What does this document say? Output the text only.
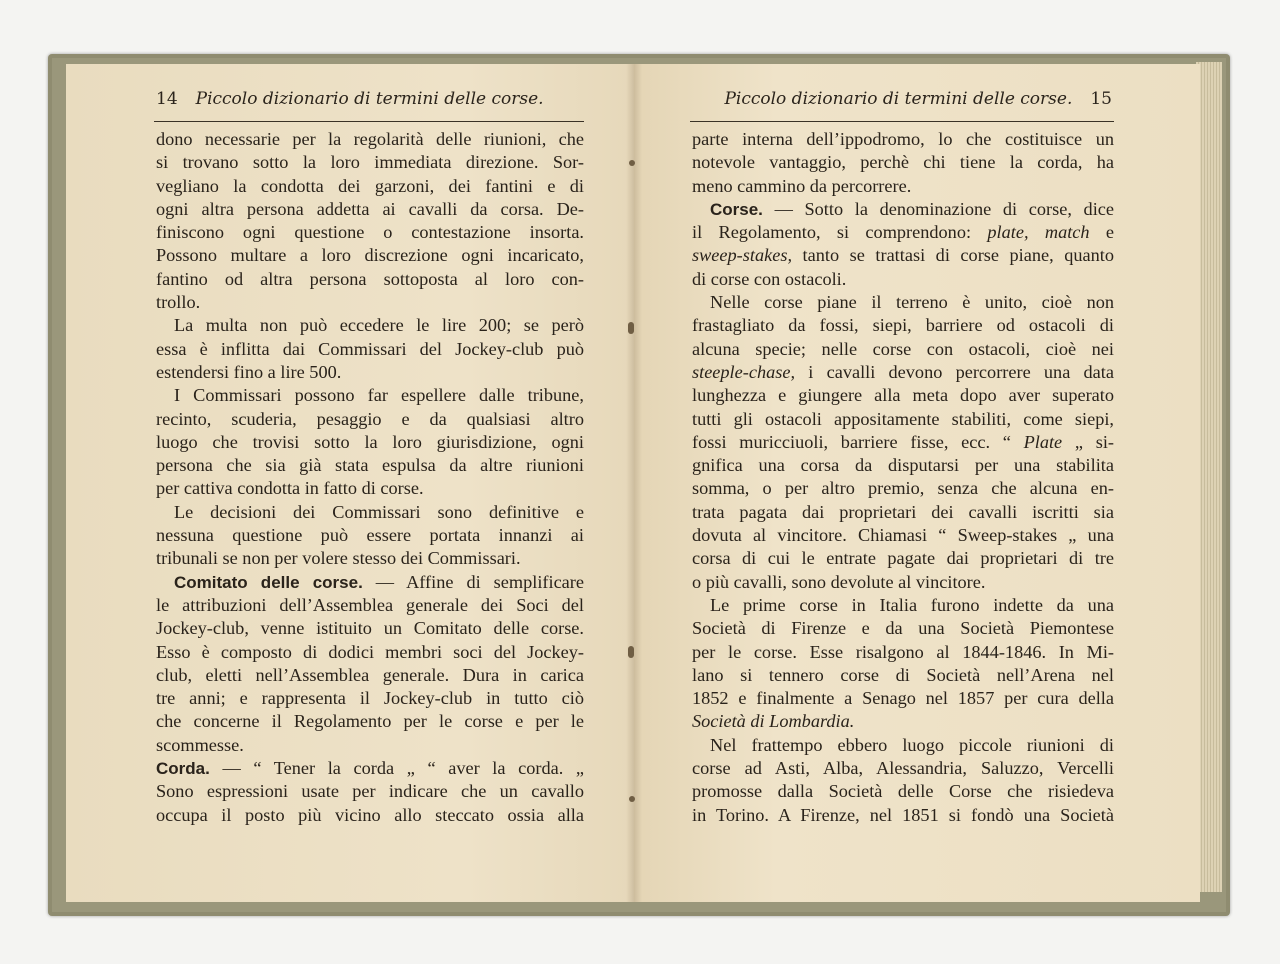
14 Piccolo dizionario di termini delle corse.
dono necessarie per la regolarità delle riunioni, che
si trovano sotto la loro immediata direzione. Sor-
vegliano la condotta dei garzoni, dei fantini e di
ogni altra persona addetta ai cavalli da corsa. De-
finiscono ogni questione o contestazione insorta.
Possono multare a loro discrezione ogni incaricato,
fantino od altra persona sottoposta al loro con-
trollo.
La multa non può eccedere le lire 200; se però
essa è inflitta dai Commissari del Jockey-club può
estendersi fino a lire 500.
I Commissari possono far espellere dalle tribune,
recinto, scuderia, pesaggio e da qualsiasi altro
luogo che trovisi sotto la loro giurisdizione, ogni
persona che sia già stata espulsa da altre riunioni
per cattiva condotta in fatto di corse.
Le decisioni dei Commissari sono definitive e
nessuna questione può essere portata innanzi ai
tribunali se non per volere stesso dei Commissari.
Comitato delle corse. — Affine di semplificare
le attribuzioni dell’Assemblea generale dei Soci del
Jockey-club, venne istituito un Comitato delle corse.
Esso è composto di dodici membri soci del Jockey-
club, eletti nell’Assemblea generale. Dura in carica
tre anni; e rappresenta il Jockey-club in tutto ciò
che concerne il Regolamento per le corse e per le
scommesse.
Corda. — “ Tener la corda „ “ aver la corda. „
Sono espressioni usate per indicare che un cavallo
occupa il posto più vicino allo steccato ossia alla
Piccolo dizionario di termini delle corse. 15
parte interna dell’ippodromo, lo che costituisce un
notevole vantaggio, perchè chi tiene la corda, ha
meno cammino da percorrere.
Corse. — Sotto la denominazione di corse, dice
il Regolamento, si comprendono: plate, match e
sweep-stakes, tanto se trattasi di corse piane, quanto
di corse con ostacoli.
Nelle corse piane il terreno è unito, cioè non
frastagliato da fossi, siepi, barriere od ostacoli di
alcuna specie; nelle corse con ostacoli, cioè nei
steeple-chase, i cavalli devono percorrere una data
lunghezza e giungere alla meta dopo aver superato
tutti gli ostacoli appositamente stabiliti, come siepi,
fossi muricciuoli, barriere fisse, ecc. “ Plate „ si-
gnifica una corsa da disputarsi per una stabilita
somma, o per altro premio, senza che alcuna en-
trata pagata dai proprietari dei cavalli iscritti sia
dovuta al vincitore. Chiamasi “ Sweep-stakes „ una
corsa di cui le entrate pagate dai proprietari di tre
o più cavalli, sono devolute al vincitore.
Le prime corse in Italia furono indette da una
Società di Firenze e da una Società Piemontese
per le corse. Esse risalgono al 1844-1846. In Mi-
lano si tennero corse di Società nell’Arena nel
1852 e finalmente a Senago nel 1857 per cura della
Società di Lombardia.
Nel frattempo ebbero luogo piccole riunioni di
corse ad Asti, Alba, Alessandria, Saluzzo, Vercelli
promosse dalla Società delle Corse che risiedeva
in Torino. A Firenze, nel 1851 si fondò una Società
